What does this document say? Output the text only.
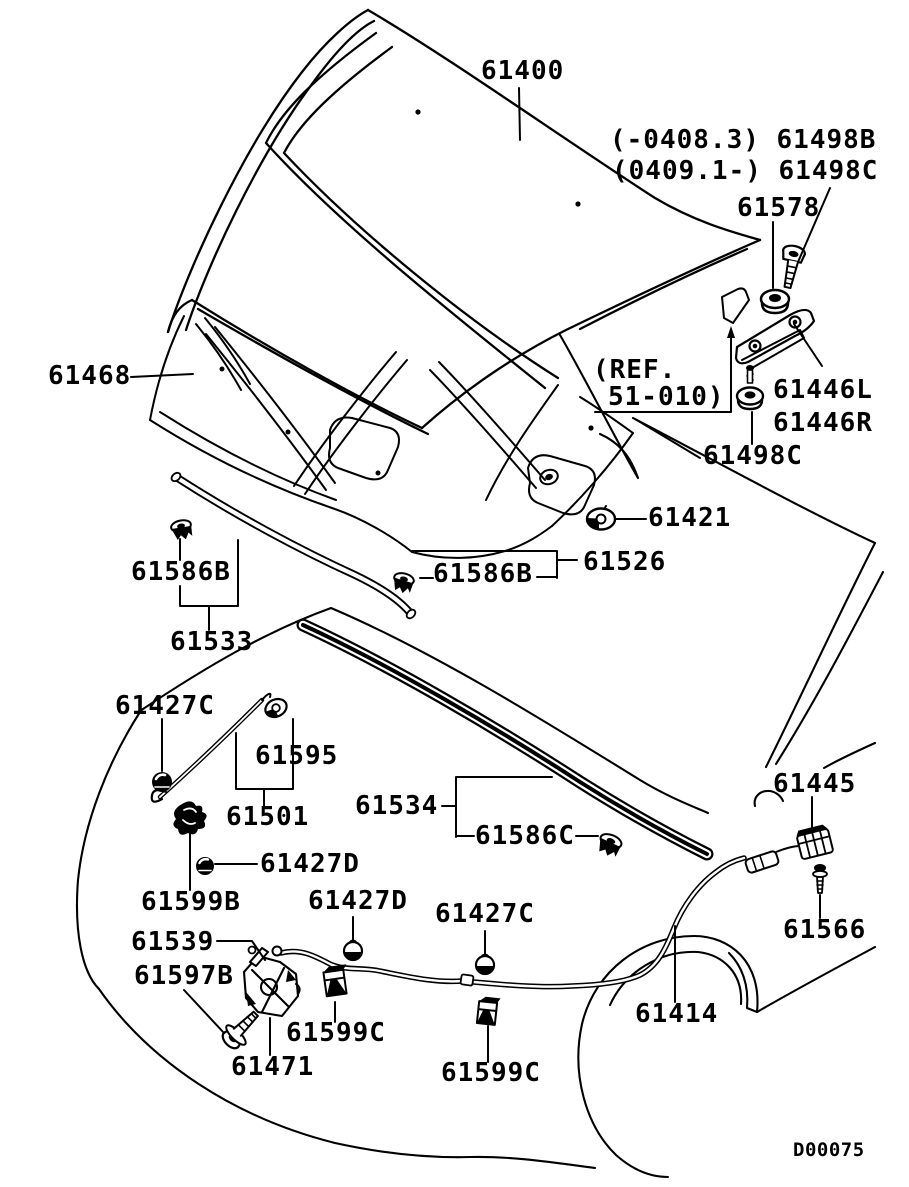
61400
(-0408.3) 61498B
(0409.1-) 61498C
61578
61468	(REF.
51-010) 61446L
61446R
61498C
61421
61526
61586B
61586B
61533
61427C
61595
61501 61534
61586C
61427D
61599B	61427D 61427C
61445
61566
61539
61597B
61599C
61471	61599C
61414
D00075
